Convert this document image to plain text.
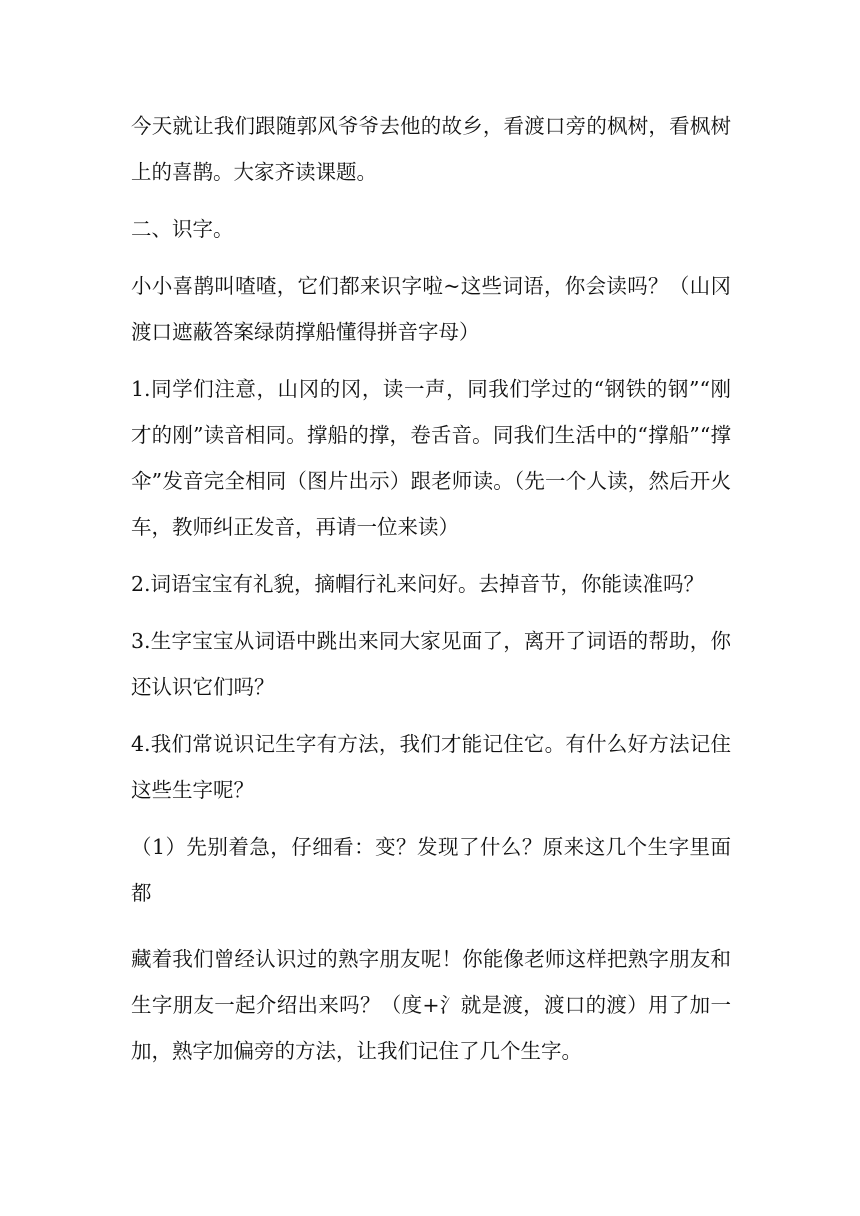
今天就让我们跟随郭风爷爷去他的故乡，看渡口旁的枫树，看枫树上的喜鹊。大家齐读课题。

二、识字。

小小喜鹊叫喳喳，它们都来识字啦~这些词语，你会读吗？（山冈渡口遮蔽答案绿荫撑船懂得拼音字母）

1.同学们注意，山冈的冈，读一声，同我们学过的“钢铁的钢”“刚才的刚”读音相同。撑船的撑，卷舌音。同我们生活中的“撑船”“撑伞”发音完全相同（图片出示）跟老师读。（先一个人读，然后开火车，教师纠正发音，再请一位来读）

2.词语宝宝有礼貌，摘帽行礼来问好。去掉音节，你能读准吗？

3.生字宝宝从词语中跳出来同大家见面了，离开了词语的帮助，你还认识它们吗？

4.我们常说识记生字有方法，我们才能记住它。有什么好方法记住这些生字呢？

（1）先别着急，仔细看：变？发现了什么？原来这几个生字里面都

藏着我们曾经认识过的熟字朋友呢！你能像老师这样把熟字朋友和生字朋友一起介绍出来吗？（度+氵就是渡，渡口的渡）用了加一加，熟字加偏旁的方法，让我们记住了几个生字。
